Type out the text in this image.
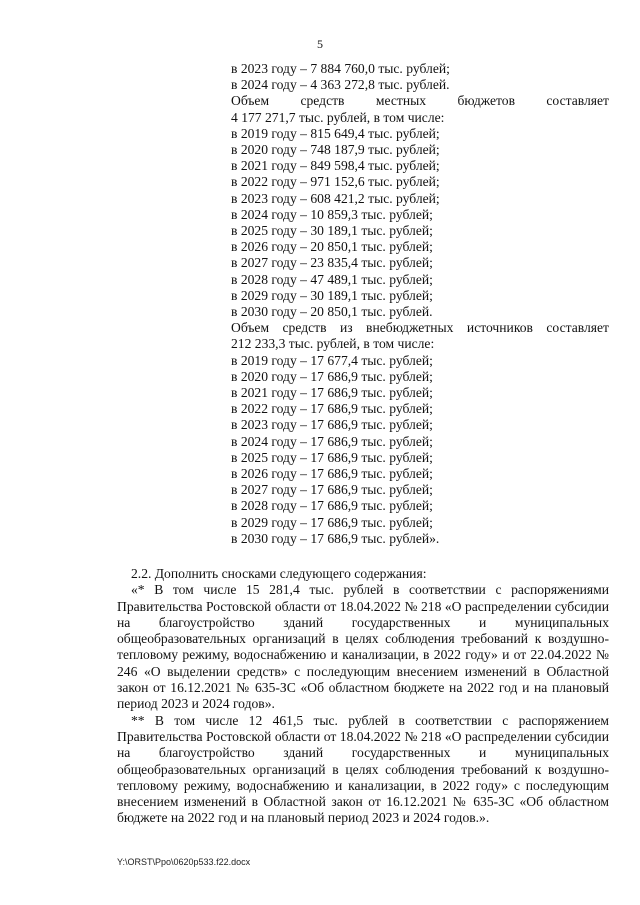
5
в 2023 году – 7 884 760,0 тыс. рублей;
в 2024 году – 4 363 272,8 тыс. рублей.
Объем средств местных бюджетов составляет
4 177 271,7 тыс. рублей, в том числе:
в 2019 году – 815 649,4 тыс. рублей;
в 2020 году – 748 187,9 тыс. рублей;
в 2021 году – 849 598,4 тыс. рублей;
в 2022 году – 971 152,6 тыс. рублей;
в 2023 году – 608 421,2 тыс. рублей;
в 2024 году – 10 859,3 тыс. рублей;
в 2025 году – 30 189,1 тыс. рублей;
в 2026 году – 20 850,1 тыс. рублей;
в 2027 году – 23 835,4 тыс. рублей;
в 2028 году – 47 489,1 тыс. рублей;
в 2029 году – 30 189,1 тыс. рублей;
в 2030 году – 20 850,1 тыс. рублей.
Объем средств из внебюджетных источников составляет
212 233,3 тыс. рублей, в том числе:
в 2019 году – 17 677,4 тыс. рублей;
в 2020 году – 17 686,9 тыс. рублей;
в 2021 году – 17 686,9 тыс. рублей;
в 2022 году – 17 686,9 тыс. рублей;
в 2023 году – 17 686,9 тыс. рублей;
в 2024 году – 17 686,9 тыс. рублей;
в 2025 году – 17 686,9 тыс. рублей;
в 2026 году – 17 686,9 тыс. рублей;
в 2027 году – 17 686,9 тыс. рублей;
в 2028 году – 17 686,9 тыс. рублей;
в 2029 году – 17 686,9 тыс. рублей;
в 2030 году – 17 686,9 тыс. рублей».
2.2. Дополнить сносками следующего содержания:
«* В том числе 15 281,4 тыс. рублей в соответствии с распоряжениями Правительства Ростовской области от 18.04.2022 № 218 «О распределении субсидии на благоустройство зданий государственных и муниципальных общеобразовательных организаций в целях соблюдения требований к воздушно-тепловому режиму, водоснабжению и канализации, в 2022 году» и от 22.04.2022 № 246 «О выделении средств» с последующим внесением изменений в Областной закон от 16.12.2021 № 635-ЗС «Об областном бюджете на 2022 год и на плановый период 2023 и 2024 годов».
** В том числе 12 461,5 тыс. рублей в соответствии с распоряжением Правительства Ростовской области от 18.04.2022 № 218 «О распределении субсидии на благоустройство зданий государственных и муниципальных общеобразовательных организаций в целях соблюдения требований к воздушно-тепловому режиму, водоснабжению и канализации, в 2022 году» с последующим внесением изменений в Областной закон от 16.12.2021 № 635-ЗС «Об областном бюджете на 2022 год и на плановый период 2023 и 2024 годов.».
Y:\ORST\Ppo\0620p533.f22.docx
